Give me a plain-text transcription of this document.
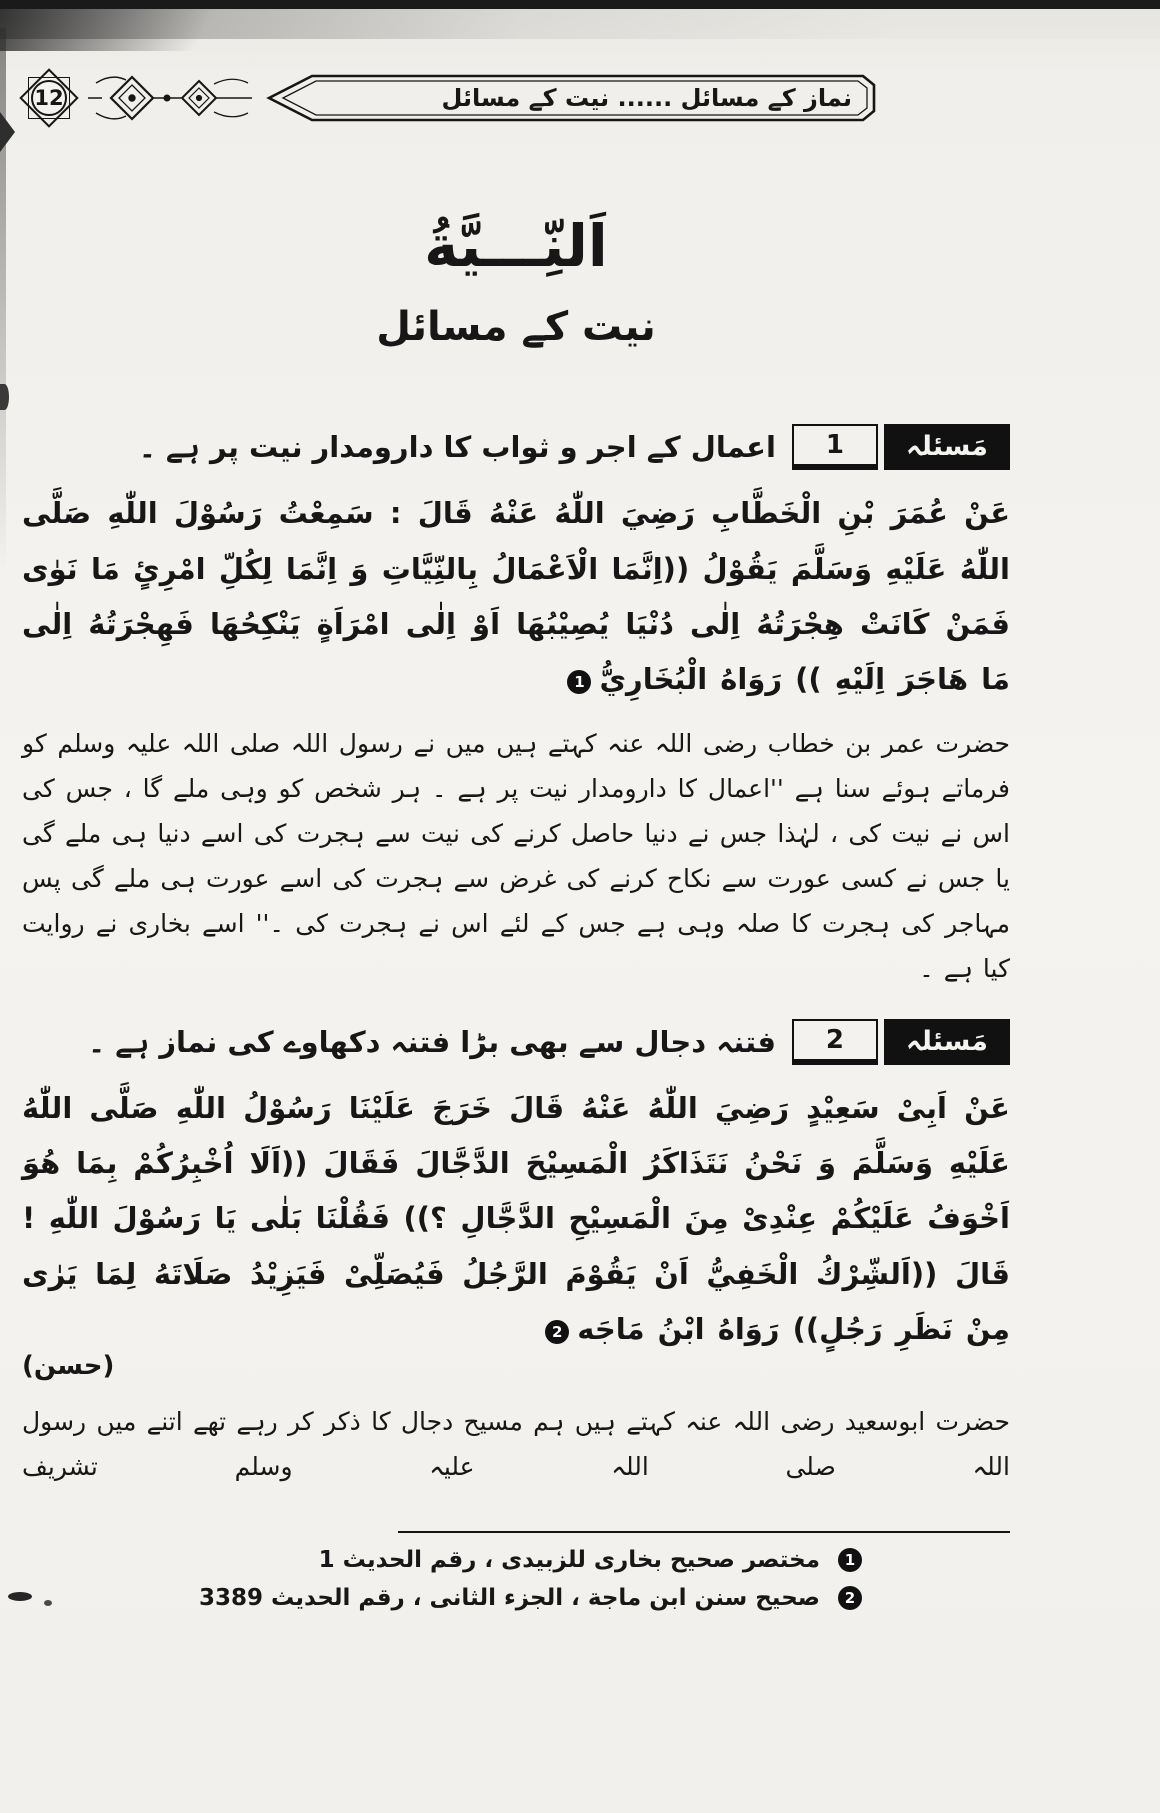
12	نماز کے مسائل ...... نیت کے مسائل
اَلنِّـــيَّةُ
نیت کے مسائل
مَسئلہ
1
اعمال کے اجر و ثواب کا دارومدار نیت پر ہے ۔

عَنْ عُمَرَ بْنِ الْخَطَّابِ رَضِيَ اللّٰهُ عَنْهُ قَالَ : سَمِعْتُ رَسُوْلَ اللّٰهِ صَلَّى اللّٰهُ عَلَيْهِ وَسَلَّمَ يَقُوْلُ ((اِنَّمَا الْاَعْمَالُ بِالنِّيَّاتِ وَ اِنَّمَا لِكُلِّ امْرِئٍ مَا نَوٰى فَمَنْ كَانَتْ هِجْرَتُهُ اِلٰى دُنْيَا يُصِيْبُهَا اَوْ اِلٰى امْرَاَةٍ يَنْكِحُهَا فَهِجْرَتُهُ اِلٰى مَا هَاجَرَ اِلَيْهِ )) رَوَاهُ الْبُخَارِيُّ1

حضرت عمر بن خطاب رضی اللہ عنہ کہتے ہیں میں نے رسول اللہ صلی اللہ علیہ وسلم کو فرماتے ہوئے سنا ہے ''اعمال کا دارومدار نیت پر ہے ۔ ہر شخص کو وہی ملے گا ، جس کی اس نے نیت کی ، لہٰذا جس نے دنیا حاصل کرنے کی نیت سے ہجرت کی اسے دنیا ہی ملے گی یا جس نے کسی عورت سے نکاح کرنے کی غرض سے ہجرت کی اسے عورت ہی ملے گی پس مہاجر کی ہجرت کا صلہ وہی ہے جس کے لئے اس نے ہجرت کی ۔'' اسے بخاری نے روایت کیا ہے ۔

مَسئلہ
2
فتنہ دجال سے بھی بڑا فتنہ دکھاوے کی نماز ہے ۔

عَنْ اَبِىْ سَعِيْدٍ رَضِيَ اللّٰهُ عَنْهُ قَالَ خَرَجَ عَلَيْنَا رَسُوْلُ اللّٰهِ صَلَّى اللّٰهُ عَلَيْهِ وَسَلَّمَ وَ نَحْنُ نَتَذَاكَرُ الْمَسِيْحَ الدَّجَّالَ فَقَالَ ((اَلَا اُخْبِرُكُمْ بِمَا هُوَ اَخْوَفُ عَلَيْكُمْ عِنْدِىْ مِنَ الْمَسِيْحِ الدَّجَّالِ ؟)) فَقُلْنَا بَلٰى يَا رَسُوْلَ اللّٰهِ ! قَالَ ((اَلشِّرْكُ الْخَفِيُّ اَنْ يَقُوْمَ الرَّجُلُ فَيُصَلِّىْ فَيَزِيْدُ صَلَاتَهُ لِمَا يَرٰى مِنْ نَظَرِ رَجُلٍ)) رَوَاهُ ابْنُ مَاجَه2

(حسن)

حضرت ابوسعید رضی اللہ عنہ کہتے ہیں ہم مسیح دجال کا ذکر کر رہے تھے اتنے میں رسول اللہ صلی اللہ علیہ وسلم تشریف

1
مختصر صحیح بخاری للزبیدی ، رقم الحدیث 1
2
صحیح سنن ابن ماجة ، الجزء الثانی ، رقم الحدیث 3389
